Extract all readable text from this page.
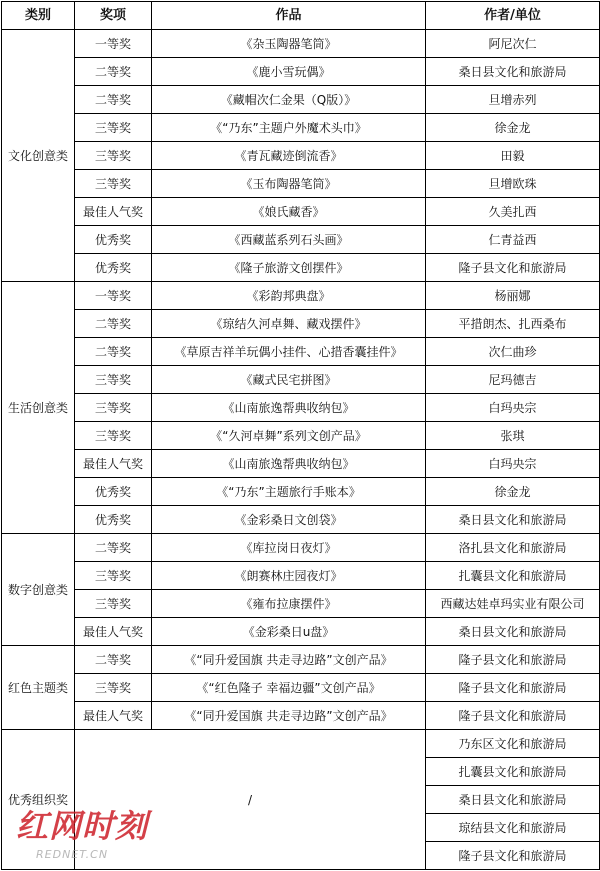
类别	奖项	作品	作者/单位
文化创意类	一等奖	《杂玉陶器笔筒》	阿尼次仁
	二等奖	《鹿小雪玩偶》	桑日县文化和旅游局
	二等奖	《藏帽次仁金果（Q版）》	旦增赤列
	三等奖	《“乃东”主题户外魔术头巾》	徐金龙
	三等奖	《青瓦藏迹倒流香》	田毅
	三等奖	《玉布陶器笔筒》	旦增欧珠
	最佳人气奖	《娘氏藏香》	久美扎西
	优秀奖	《西藏蓝系列石头画》	仁青益西
	优秀奖	《隆子旅游文创摆件》	隆子县文化和旅游局
生活创意类	一等奖	《彩韵邦典盘》	杨丽娜
	二等奖	《琼结久河卓舞、藏戏摆件》	平措朗杰、扎西桑布
	二等奖	《草原吉祥羊玩偶小挂件、心措香囊挂件》	次仁曲珍
	三等奖	《藏式民宅拼图》	尼玛德吉
	三等奖	《山南旅逸帮典收纳包》	白玛央宗
	三等奖	《“久河卓舞”系列文创产品》	张琪
	最佳人气奖	《山南旅逸帮典收纳包》	白玛央宗
	优秀奖	《“乃东”主题旅行手账本》	徐金龙
	优秀奖	《金彩桑日文创袋》	桑日县文化和旅游局
数字创意类	二等奖	《库拉岗日夜灯》	洛扎县文化和旅游局
	三等奖	《朗赛林庄园夜灯》	扎囊县文化和旅游局
	三等奖	《雍布拉康摆件》	西藏达娃卓玛实业有限公司
	最佳人气奖	《金彩桑日u盘》	桑日县文化和旅游局
红色主题类	二等奖	《“同升爱国旗 共走寻边路”文创产品》	隆子县文化和旅游局
	三等奖	《“红色隆子 幸福边疆”文创产品》	隆子县文化和旅游局
	最佳人气奖	《“同升爱国旗 共走寻边路”文创产品》	隆子县文化和旅游局
优秀组织奖	/		乃东区文化和旅游局
			扎囊县文化和旅游局
			桑日县文化和旅游局
			琼结县文化和旅游局
			隆子县文化和旅游局
红网时刻
REDNET.CN
